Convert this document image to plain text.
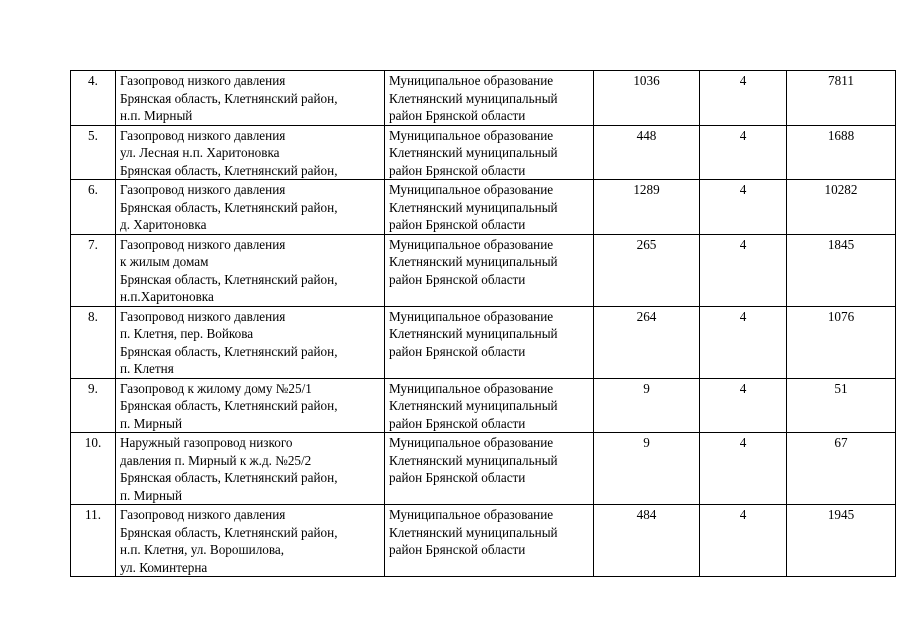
4.	Газопровод низкого давления
Брянская область, Клетнянский район,
н.п. Мирный	Муниципальное образование
Клетнянский муниципальный
район Брянской области	1036	4	7811
5.	Газопровод низкого давления
ул. Лесная н.п. Харитоновка
Брянская область, Клетнянский район,	Муниципальное образование
Клетнянский муниципальный
район Брянской области	448	4	1688
6.	Газопровод низкого давления
Брянская область, Клетнянский район,
д. Харитоновка	Муниципальное образование
Клетнянский муниципальный
район Брянской области	1289	4	10282
7.	Газопровод низкого давления
к жилым домам
Брянская область, Клетнянский район,
н.п.Харитоновка	Муниципальное образование
Клетнянский муниципальный
район Брянской области	265	4	1845
8.	Газопровод низкого давления
п. Клетня, пер. Войкова
Брянская область, Клетнянский район,
п. Клетня	Муниципальное образование
Клетнянский муниципальный
район Брянской области	264	4	1076
9.	Газопровод к жилому дому №25/1
Брянская область, Клетнянский район,
п. Мирный	Муниципальное образование
Клетнянский муниципальный
район Брянской области	9	4	51
10.	Наружный газопровод низкого
давления п. Мирный к ж.д. №25/2
Брянская область, Клетнянский район,
п. Мирный	Муниципальное образование
Клетнянский муниципальный
район Брянской области	9	4	67
11.	Газопровод низкого давления
Брянская область, Клетнянский район,
н.п. Клетня, ул. Ворошилова,
ул. Коминтерна	Муниципальное образование
Клетнянский муниципальный
район Брянской области	484	4	1945
